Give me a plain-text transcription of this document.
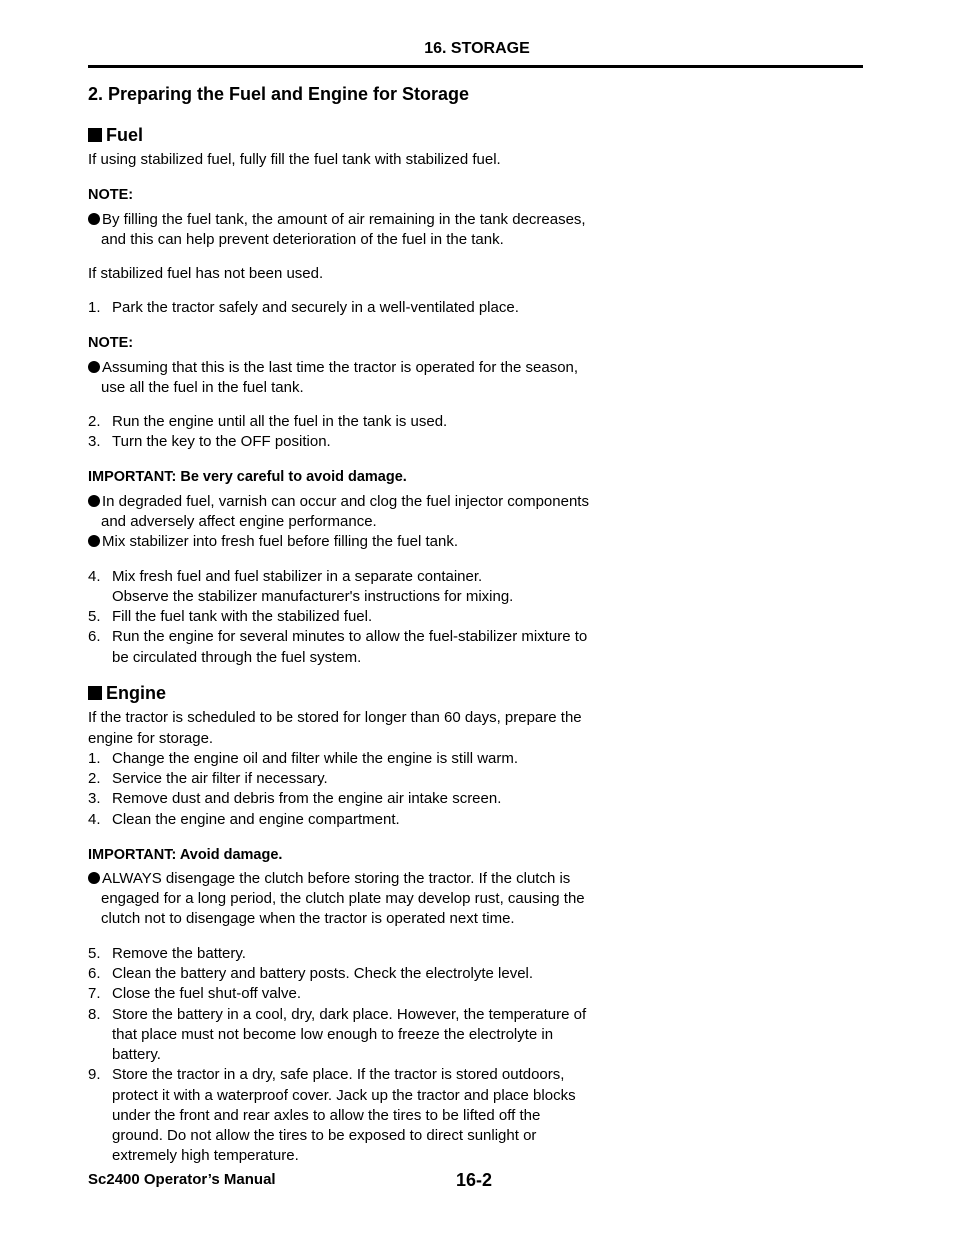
16. STORAGE
2. Preparing the Fuel and Engine for Storage
Fuel
If using stabilized fuel, fully fill the fuel tank with stabilized fuel.
NOTE:
By filling the fuel tank, the amount of air remaining in the tank decreases,
and this can help prevent deterioration of the fuel in the tank.
If stabilized fuel has not been used.
1. Park the tractor safely and securely in a well-ventilated place.
NOTE:
Assuming that this is the last time the tractor is operated for the season,
use all the fuel in the fuel tank.
2. Run the engine until all the fuel in the tank is used.
3. Turn the key to the OFF position.
IMPORTANT: Be very careful to avoid damage.
In degraded fuel, varnish can occur and clog the fuel injector components
and adversely affect engine performance.
Mix stabilizer into fresh fuel before filling the fuel tank.
4. Mix fresh fuel and fuel stabilizer in a separate container.
Observe the stabilizer manufacturer's instructions for mixing.
5. Fill the fuel tank with the stabilized fuel.
6. Run the engine for several minutes to allow the fuel-stabilizer mixture to
be circulated through the fuel system.
Engine
If the tractor is scheduled to be stored for longer than 60 days, prepare the
engine for storage.
1. Change the engine oil and filter while the engine is still warm.
2. Service the air filter if necessary.
3. Remove dust and debris from the engine air intake screen.
4. Clean the engine and engine compartment.
IMPORTANT: Avoid damage.
ALWAYS disengage the clutch before storing the tractor. If the clutch is
engaged for a long period, the clutch plate may develop rust, causing the
clutch not to disengage when the tractor is operated next time.
5. Remove the battery.
6. Clean the battery and battery posts. Check the electrolyte level.
7. Close the fuel shut-off valve.
8. Store the battery in a cool, dry, dark place. However, the temperature of
that place must not become low enough to freeze the electrolyte in
battery.
9. Store the tractor in a dry, safe place. If the tractor is stored outdoors,
protect it with a waterproof cover. Jack up the tractor and place blocks
under the front and rear axles to allow the tires to be lifted off the
ground. Do not allow the tires to be exposed to direct sunlight or
extremely high temperature.
Sc2400 Operator’s Manual	16-2
